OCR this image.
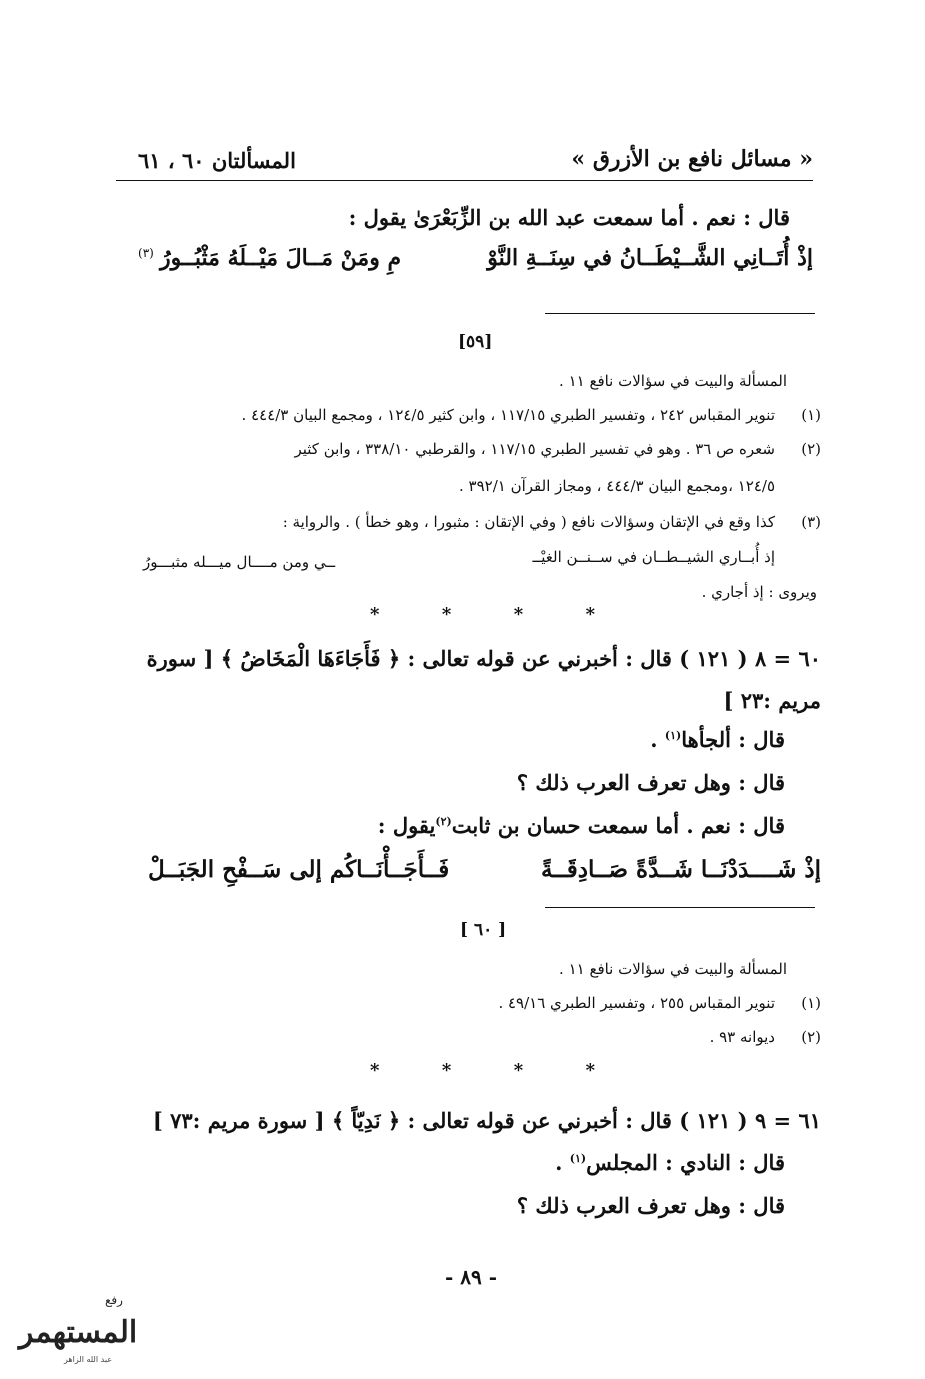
« مسائل نافع بن الأزرق »
المسألتان ٦٠ ، ٦١
قال : نعم . أما سمعت عبد الله بن الزِّبَعْرَىٰ يقول :
إذْ أُتَــانِي الشَّــيْطَــانُ في سِنَــةِ النَّوْ
مِ ومَنْ مَــالَ مَيْــلَهُ مَثْبُــورُ
(٣)
[٥٩]
المسألة والبيت في سؤالات نافع ١١ .
(١)
تنوير المقباس ٢٤٢ ، وتفسير الطبري ١١٧/١٥ ، وابن كثير ١٢٤/٥ ، ومجمع البيان ٤٤٤/٣ .
(٢)
شعره ص ٣٦ . وهو في تفسير الطبري ١١٧/١٥ ، والقرطبي ٣٣٨/١٠ ، وابن كثير
١٢٤/٥ ،ومجمع البيان ٤٤٤/٣ ، ومجاز القرآن ٣٩٢/١ .
(٣)
كذا وقع في الإتقان وسؤالات نافع ( وفي الإتقان : مثبورا ، وهو خطأ ) . والرواية :
إذ أُبــاري الشيــطــان في ســنــن الغيْــ
ــي ومن مــــال ميـــله مثبـــورُ
ويروى : إذ أجاري .
*	*	*	*
٦٠ = ٨ ( ١٢١ ) قال : أخبرني عن قوله تعالى : ﴿ فَأَجَاءَهَا الْمَخَاضُ ﴾ [ سورة
مريم :٢٣ ]
قال : ألجأها$^{(١)}$ .
قال : وهل تعرف العرب ذلك ؟
قال : نعم . أما سمعت حسان بن ثابت$^{(٢)}$يقول :
إذْ شَــــدَدْنَــا شَــدَّةً صَــادِقَــةً
فَــأَجَــأْنَــاكُم إلى سَــفْحِ الجَبَــلْ
[ ٦٠ ]
المسألة والبيت في سؤالات نافع ١١ .
(١)
تنوير المقباس ٢٥٥ ، وتفسير الطبري ٤٩/١٦ .
(٢)
ديوانه ٩٣ .
*	*	*	*
٦١ = ٩ ( ١٢١ ) قال : أخبرني عن قوله تعالى : ﴿ نَدِيّاً ﴾ [ سورة مريم :٧٣ ]
قال : النادي : المجلس$^{(١)}$ .
قال : وهل تعرف العرب ذلك ؟
- ٨٩ -
رفع
المستهمر
عبد الله الزاهر
